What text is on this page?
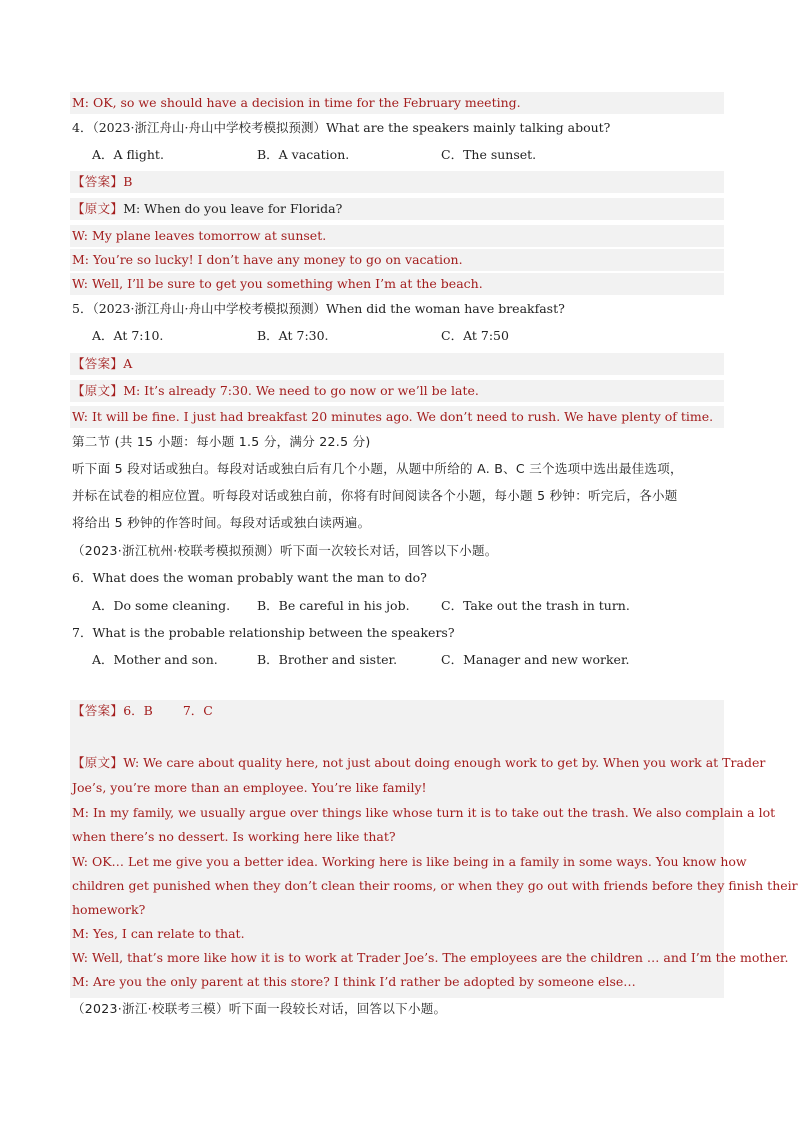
M: OK, so we should have a decision in time for the February meeting.
4．（2023·浙江舟山·舟山中学校考模拟预测）What are the speakers mainly talking about?
A．A flight.	B．A vacation.	C．The sunset.
【答案】B
【原文】M: When do you leave for Florida?
W: My plane leaves tomorrow at sunset.
M: You’re so lucky! I don’t have any money to go on vacation.
W: Well, I’ll be sure to get you something when I’m at the beach.
5．（2023·浙江舟山·舟山中学校考模拟预测）When did the woman have breakfast?
A．At 7:10.	B．At 7:30.	C．At 7:50
【答案】A
【原文】M: It’s already 7:30. We need to go now or we’ll be late.
W: It will be fine. I just had breakfast 20 minutes ago. We don’t need to rush. We have plenty of time.
第二节 (共 15 小题：每小题 1.5 分，满分 22.5 分)
听下面 5 段对话或独白。每段对话或独白后有几个小题，从题中所给的 A. B、C 三个选项中选出最佳选项，
并标在试卷的相应位置。听每段对话或独白前，你将有时间阅读各个小题，每小题 5 秒钟：听完后，各小题
将给出 5 秒钟的作答时间。每段对话或独白读两遍。
（2023·浙江杭州·校联考模拟预测）听下面一次较长对话，回答以下小题。
6．What does the woman probably want the man to do?
A．Do some cleaning. B．Be careful in his job.	C．Take out the trash in turn.
7．What is the probable relationship between the speakers?
A．Mother and son.	B．Brother and sister.	C．Manager and new worker.
【答案】6．B 7．C
【原文】W: We care about quality here, not just about doing enough work to get by. When you work at Trader
Joe’s, you’re more than an employee. You’re like family!
M: In my family, we usually argue over things like whose turn it is to take out the trash. We also complain a lot
when there’s no dessert. Is working here like that?
W: OK… Let me give you a better idea. Working here is like being in a family in some ways. You know how
children get punished when they don’t clean their rooms, or when they go out with friends before they finish their
homework?
M: Yes, I can relate to that.
W: Well, that’s more like how it is to work at Trader Joe’s. The employees are the children … and I’m the mother.
M: Are you the only parent at this store? I think I’d rather be adopted by someone else…
（2023·浙江·校联考三模）听下面一段较长对话，回答以下小题。
